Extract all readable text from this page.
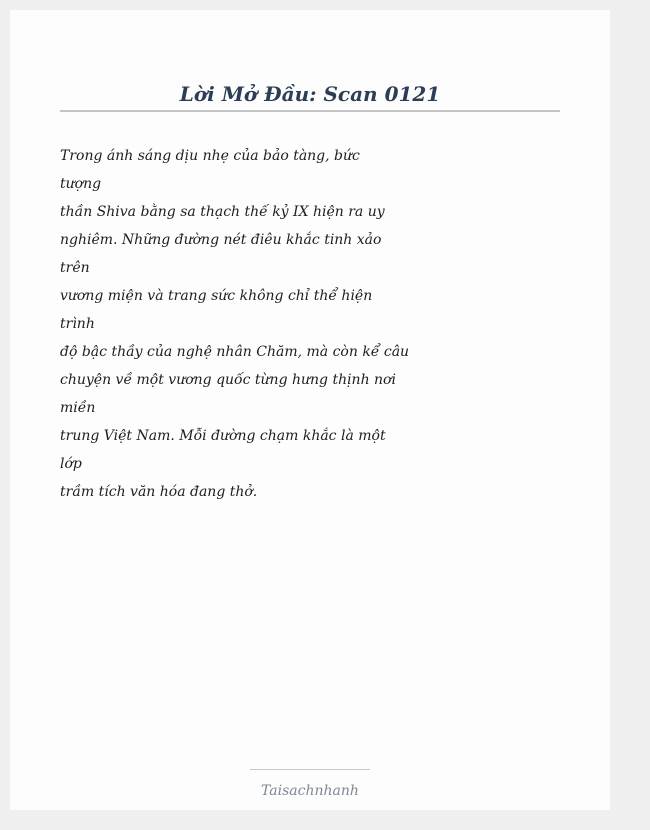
Lời Mở Đầu: Scan 0121
Trong ánh sáng dịu nhẹ của bảo tàng, bức
tượng
thần Shiva bằng sa thạch thế kỷ IX hiện ra uy
nghiêm. Những đường nét điêu khắc tinh xảo
trên
vương miện và trang sức không chỉ thể hiện
trình
độ bậc thầy của nghệ nhân Chăm, mà còn kể câu
chuyện về một vương quốc từng hưng thịnh nơi
miền
trung Việt Nam. Mỗi đường chạm khắc là một
lớp
trầm tích văn hóa đang thở.
Taisachnhanh
